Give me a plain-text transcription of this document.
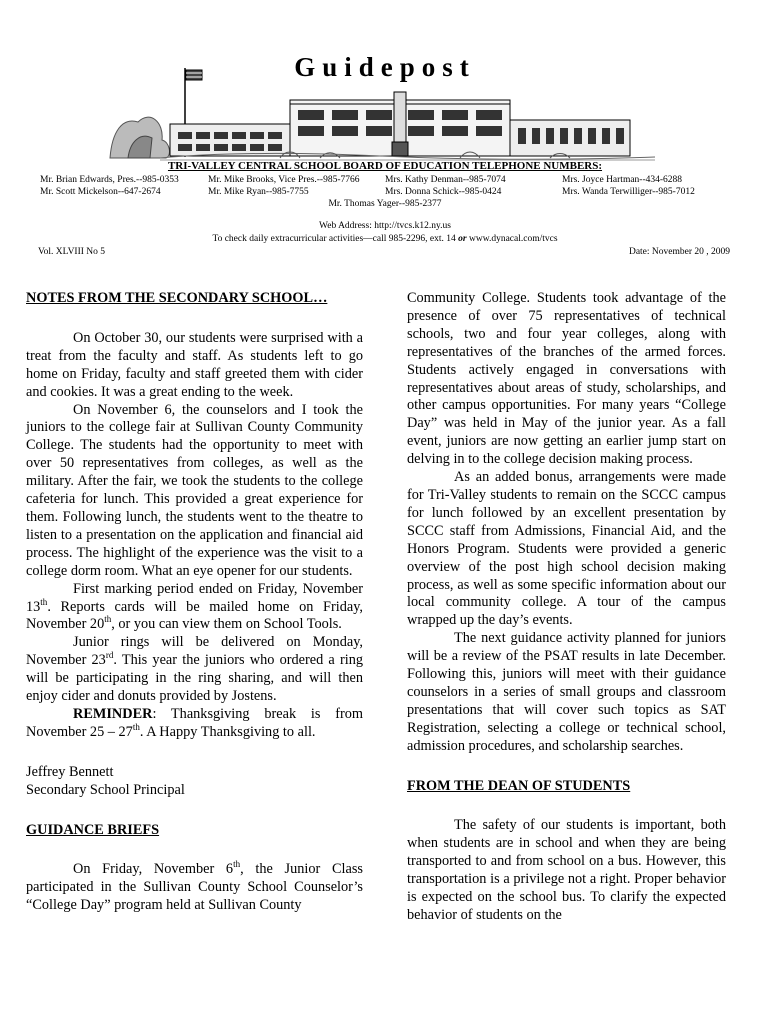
Guidepost
TRI-VALLEY CENTRAL SCHOOL BOARD OF EDUCATION TELEPHONE NUMBERS:
Mr. Brian Edwards, Pres.--985-0353	Mr. Mike Brooks, Vice Pres.--985-7766	Mrs. Kathy Denman--985-7074	Mrs. Joyce Hartman--434-6288
Mr. Scott Mickelson--647-2674	Mr. Mike Ryan--985-7755	Mrs. Donna Schick--985-0424	Mrs. Wanda Terwilliger--985-7012
Mr. Thomas Yager--985-2377
Web Address: http://tvcs.k12.ny.us
To check daily extracurricular activities—call 985-2296, ext. 14 or www.dynacal.com/tvcs
Vol. XLVIII No 5	Date: November 20 , 2009

NOTES FROM THE SECONDARY SCHOOL…

On October 30, our students were surprised with a treat from the faculty and staff. As students left to go home on Friday, faculty and staff greeted them with cider and cookies. It was a great ending to the week.

On November 6, the counselors and I took the juniors to the college fair at Sullivan County Community College. The students had the opportunity to meet with over 50 representatives from colleges, as well as the military. After the fair, we took the students to the college cafeteria for lunch. This provided a great experience for them. Following lunch, the students went to the theatre to listen to a presentation on the application and financial aid process. The highlight of the experience was the visit to a college dorm room. What an eye opener for our students.

First marking period ended on Friday, November 13th. Reports cards will be mailed home on Friday, November 20th, or you can view them on School Tools.

Junior rings will be delivered on Monday, November 23rd. This year the juniors who ordered a ring will be participating in the ring sharing, and will then enjoy cider and donuts provided by Jostens.

REMINDER: Thanksgiving break is from November 25 – 27th. A Happy Thanksgiving to all.

Jeffrey Bennett

Secondary School Principal

GUIDANCE BRIEFS

On Friday, November 6th, the Junior Class participated in the Sullivan County School Counselor’s “College Day” program held at Sullivan County

Community College. Students took advantage of the presence of over 75 representatives of technical schools, two and four year colleges, along with representatives of the branches of the armed forces. Students actively engaged in conversations with representatives about areas of study, scholarships, and other campus opportunities. For many years “College Day” was held in May of the junior year. As a fall event, juniors are now getting an earlier jump start on delving in to the college decision making process.

As an added bonus, arrangements were made for Tri-Valley students to remain on the SCCC campus for lunch followed by an excellent presentation by SCCC staff from Admissions, Financial Aid, and the Honors Program. Students were provided a generic overview of the post high school decision making process, as well as some specific information about our local community college. A tour of the campus wrapped up the day’s events.

The next guidance activity planned for juniors will be a review of the PSAT results in late December. Following this, juniors will meet with their guidance counselors in a series of small groups and classroom presentations that will cover such topics as SAT Registration, selecting a college or technical school, admission procedures, and scholarship searches.

FROM THE DEAN OF STUDENTS

The safety of our students is important, both when students are in school and when they are being transported to and from school on a bus. However, this transportation is a privilege not a right. Proper behavior is expected on the school bus. To clarify the expected behavior of students on the
